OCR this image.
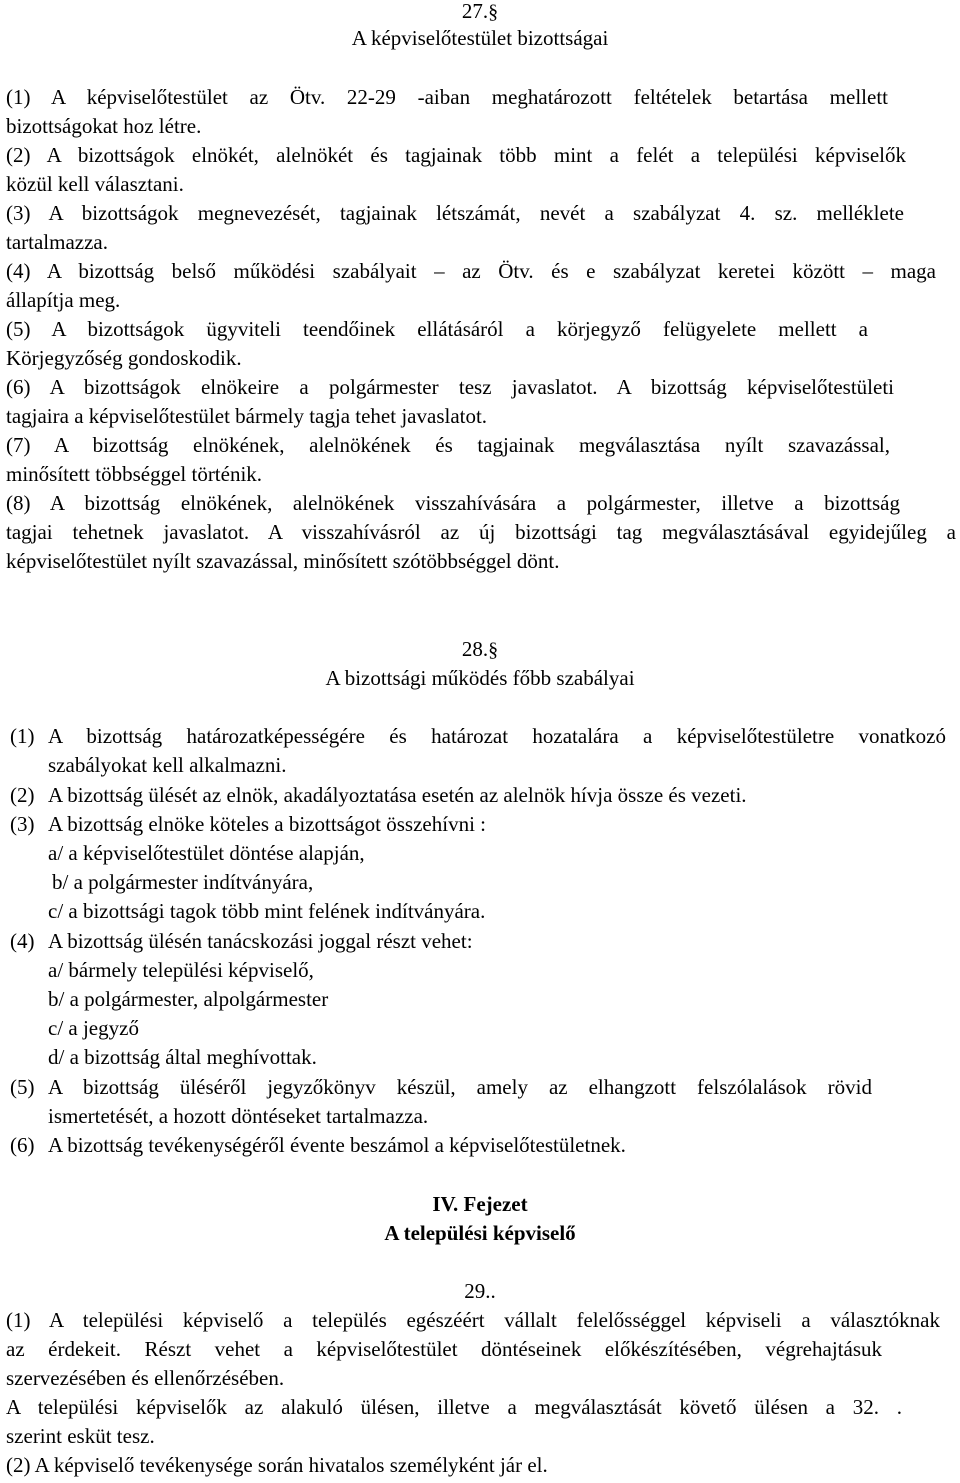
27.§
A képviselőtestület bizottságai
(1) A képviselőtestület az Ötv. 22-29 -aiban meghatározott feltételek betartása mellett
bizottságokat hoz létre.
(2) A bizottságok elnökét, alelnökét és tagjainak több mint a felét a települési képviselők
közül kell választani.
(3) A bizottságok megnevezését, tagjainak létszámát, nevét a szabályzat 4. sz. melléklete
tartalmazza.
(4) A bizottság belső működési szabályait – az Ötv. és e szabályzat keretei között – maga
állapítja meg.
(5) A bizottságok ügyviteli teendőinek ellátásáról a körjegyző felügyelete mellett a
Körjegyzőség gondoskodik.
(6) A bizottságok elnökeire a polgármester tesz javaslatot. A bizottság képviselőtestületi
tagjaira a képviselőtestület bármely tagja tehet javaslatot.
(7) A bizottság elnökének, alelnökének és tagjainak megválasztása nyílt szavazással,
minősített többséggel történik.
(8) A bizottság elnökének, alelnökének visszahívására a polgármester, illetve a bizottság
tagjai tehetnek javaslatot. A visszahívásról az új bizottsági tag megválasztásával egyidejűleg a
képviselőtestület nyílt szavazással, minősített szótöbbséggel dönt.
28.§
A bizottsági működés főbb szabályai
(1) A bizottság határozatképességére és határozat hozatalára a képviselőtestületre vonatkozó
szabályokat kell alkalmazni.
(2) A bizottság ülését az elnök, akadályoztatása esetén az alelnök hívja össze és vezeti.
(3) A bizottság elnöke köteles a bizottságot összehívni :
a/ a képviselőtestület döntése alapján,
b/ a polgármester indítványára,
c/ a bizottsági tagok több mint felének indítványára.
(4) A bizottság ülésén tanácskozási joggal részt vehet:
a/ bármely települési képviselő,
b/ a polgármester, alpolgármester
c/ a jegyző
d/ a bizottság által meghívottak.
(5) A bizottság üléséről jegyzőkönyv készül, amely az elhangzott felszólalások rövid
ismertetését, a hozott döntéseket tartalmazza.
(6) A bizottság tevékenységéről évente beszámol a képviselőtestületnek.
IV. Fejezet
A települési képviselő
29..
(1) A települési képviselő a település egészéért vállalt felelősséggel képviseli a választóknak
az érdekeit. Részt vehet a képviselőtestület döntéseinek előkészítésében, végrehajtásuk
szervezésében és ellenőrzésében.
A települési képviselők az alakuló ülésen, illetve a megválasztását követő ülésen a 32. .
szerint esküt tesz.
(2) A képviselő tevékenysége során hivatalos személyként jár el.
